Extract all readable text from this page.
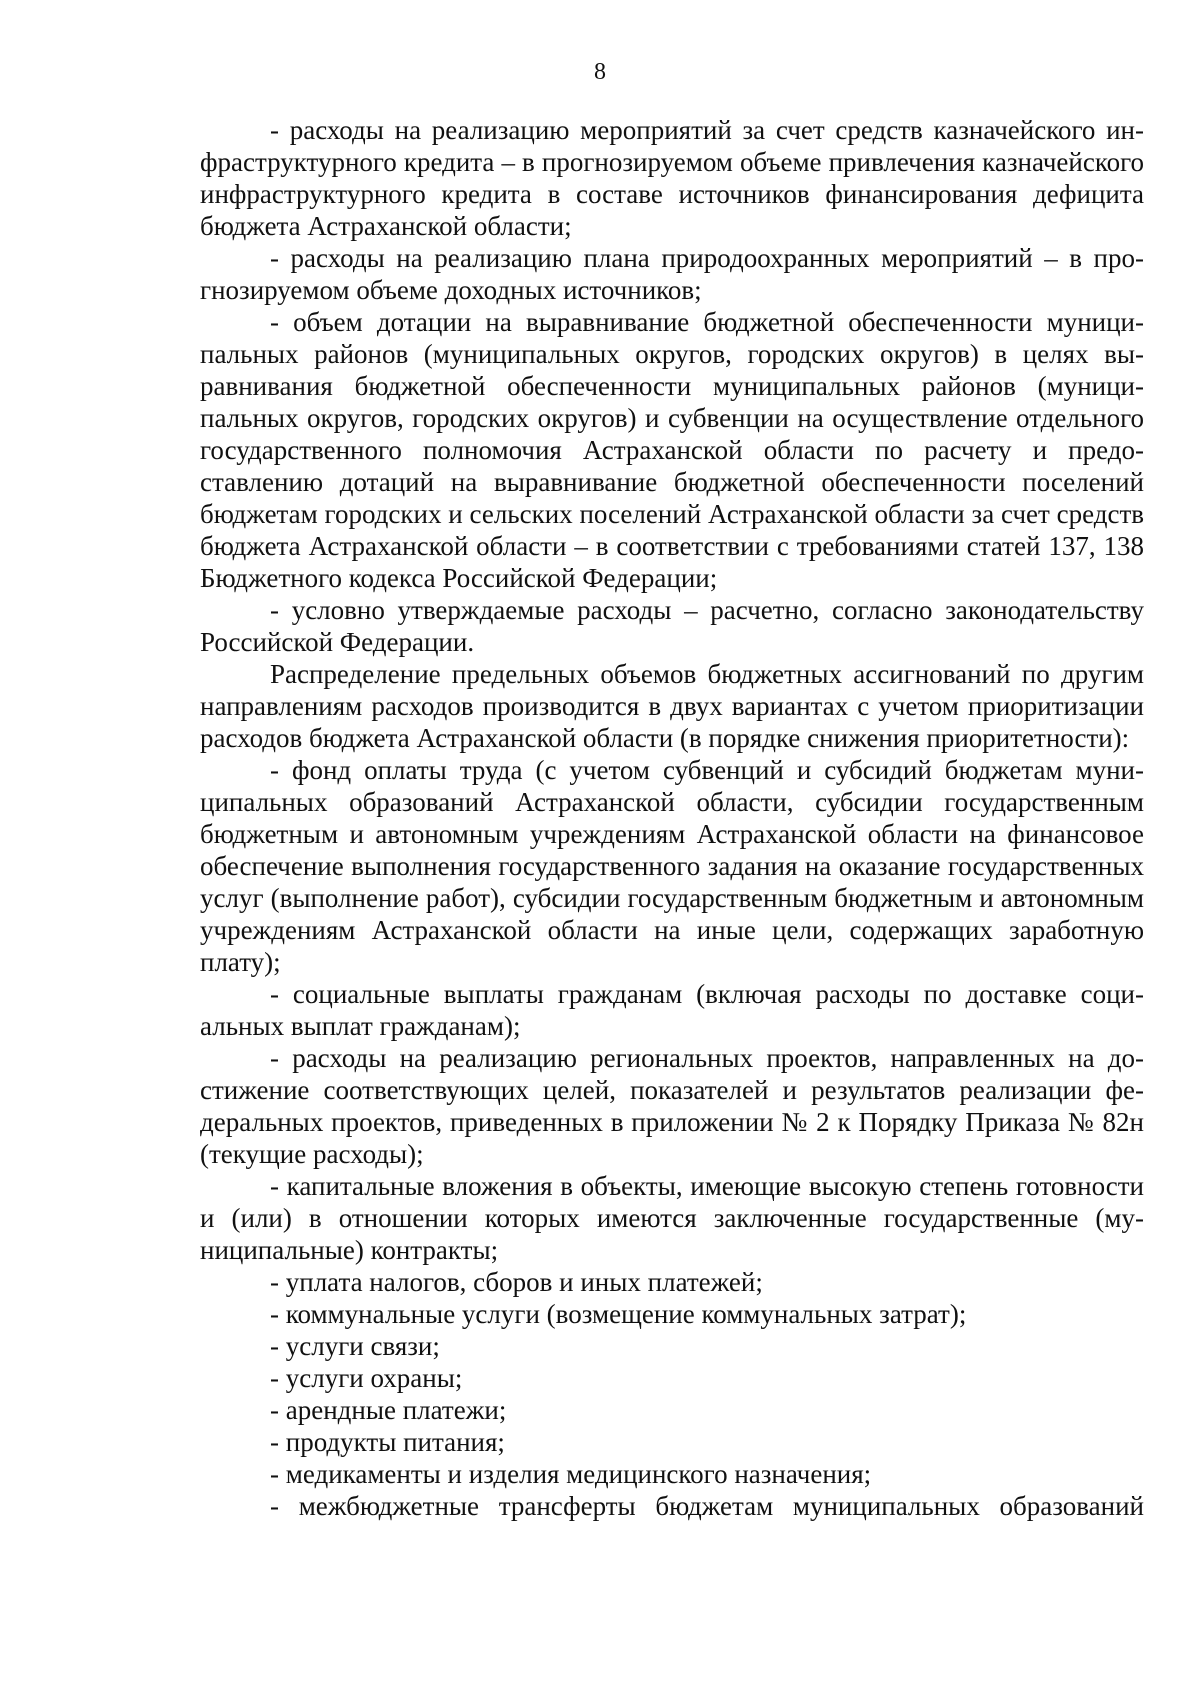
8

- расходы на реализацию мероприятий за счет средств казначейского инфраструктурного кредита – в прогнозируемом объеме привлечения казначейского инфраструктурного кредита в составе источников финансирования дефицита бюджета Астраханской области;

- расходы на реализацию плана природоохранных мероприятий – в прогнозируемом объеме доходных источников;

- объем дотации на выравнивание бюджетной обеспеченности муниципальных районов (муниципальных округов, городских округов) в целях выравнивания бюджетной обеспеченности муниципальных районов (муниципальных округов, городских округов) и субвенции на осуществление отдельного государственного полномочия Астраханской области по расчету и предоставлению дотаций на выравнивание бюджетной обеспеченности поселений бюджетам городских и сельских поселений Астраханской области за счет средств бюджета Астраханской области – в соответствии с требованиями статей 137, 138 Бюджетного кодекса Российской Федерации;

- условно утверждаемые расходы – расчетно, согласно законодательству Российской Федерации.

Распределение предельных объемов бюджетных ассигнований по другим направлениям расходов производится в двух вариантах с учетом приоритизации расходов бюджета Астраханской области (в порядке снижения приоритетности):

- фонд оплаты труда (с учетом субвенций и субсидий бюджетам муниципальных образований Астраханской области, субсидии государственным бюджетным и автономным учреждениям Астраханской области на финансовое обеспечение выполнения государственного задания на оказание государственных услуг (выполнение работ), субсидии государственным бюджетным и автономным учреждениям Астраханской области на иные цели, содержащих заработную плату);

- социальные выплаты гражданам (включая расходы по доставке социальных выплат гражданам);

- расходы на реализацию региональных проектов, направленных на достижение соответствующих целей, показателей и результатов реализации федеральных проектов, приведенных в приложении № 2 к Порядку Приказа № 82н (текущие расходы);

- капитальные вложения в объекты, имеющие высокую степень готовности и (или) в отношении которых имеются заключенные государственные (муниципальные) контракты;

- уплата налогов, сборов и иных платежей;

- коммунальные услуги (возмещение коммунальных затрат);

- услуги связи;

- услуги охраны;

- арендные платежи;

- продукты питания;

- медикаменты и изделия медицинского назначения;

- межбюджетные трансферты бюджетам муниципальных образований
